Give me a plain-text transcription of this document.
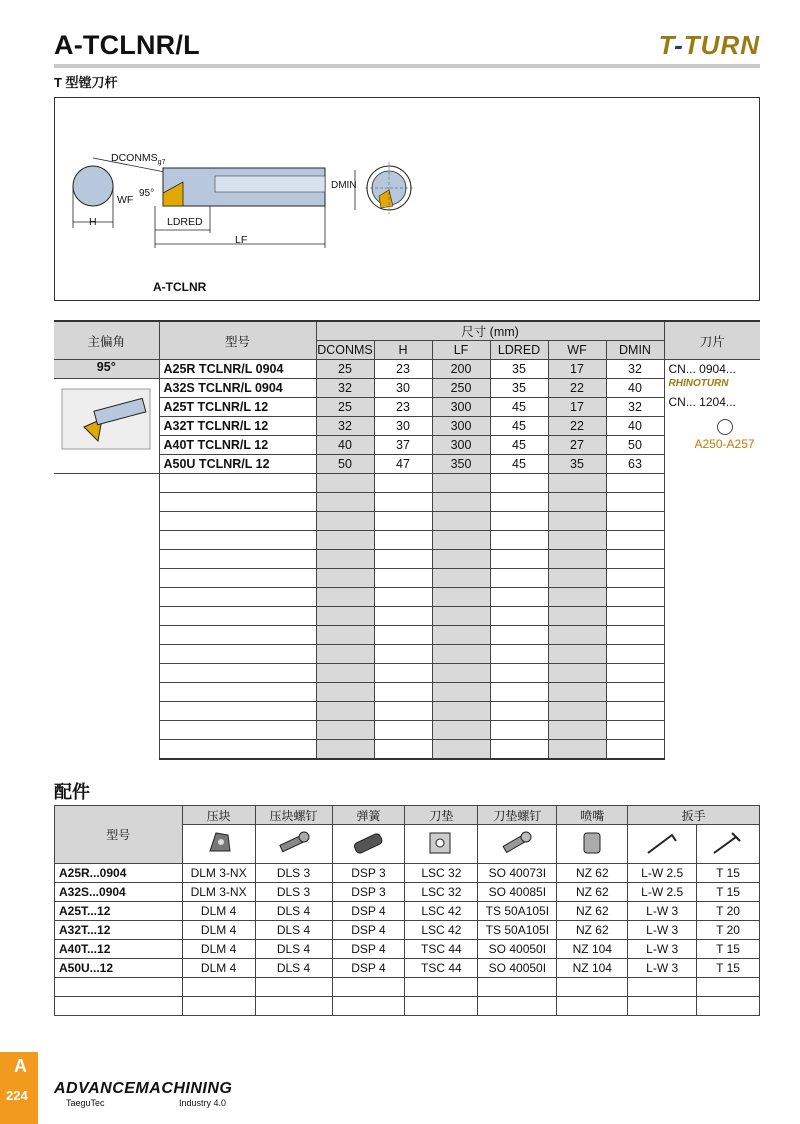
A-TCLNR/L	T-TURN
T 型镗刀杆
$DCONMS_{g7}$
WF
95°
H	LDRED
LF
DMIN
A-TCLNR
主偏角	型号	尺寸 (mm)						刀片
		DCONMS	H	LF	LDRED	WF	DMIN	
95°	A25R TCLNR/L 0904	25	23	200	35	17	32	CN... 0904...
RHINOTURN
CN... 1204...
A250-A257

	A32S TCLNR/L 0904	32	30	250	35	22	40	
	A25T TCLNR/L 12	25	23	300	45	17	32	
	A32T TCLNR/L 12	32	30	300	45	22	40	
	A40T TCLNR/L 12	40	37	300	45	27	50	
	A50U TCLNR/L 12	50	47	350	45	35	63	

配件
型号	压块	压块螺钉	弹簧	刀垫	刀垫螺钉	喷嘴	扳手	

A25R...0904	DLM 3-NX	DLS 3	DSP 3	LSC 32	SO 40073I	NZ 62	L-W 2.5	T 15
A32S...0904	DLM 3-NX	DLS 3	DSP 3	LSC 32	SO 40085I	NZ 62	L-W 2.5	T 15
A25T...12	DLM 4	DLS 4	DSP 4	LSC 42	TS 50A105I	NZ 62	L-W 3	T 20
A32T...12	DLM 4	DLS 4	DSP 4	LSC 42	TS 50A105I	NZ 62	L-W 3	T 20
A40T...12	DLM 4	DLS 4	DSP 4	TSC 44	SO 40050I	NZ 104	L-W 3	T 15
A50U...12	DLM 4	DLS 4	DSP 4	TSC 44	SO 40050I	NZ 104	L-W 3	T 15

A
224 ADVANCEMACHINING
TaeguTec	Industry 4.0
